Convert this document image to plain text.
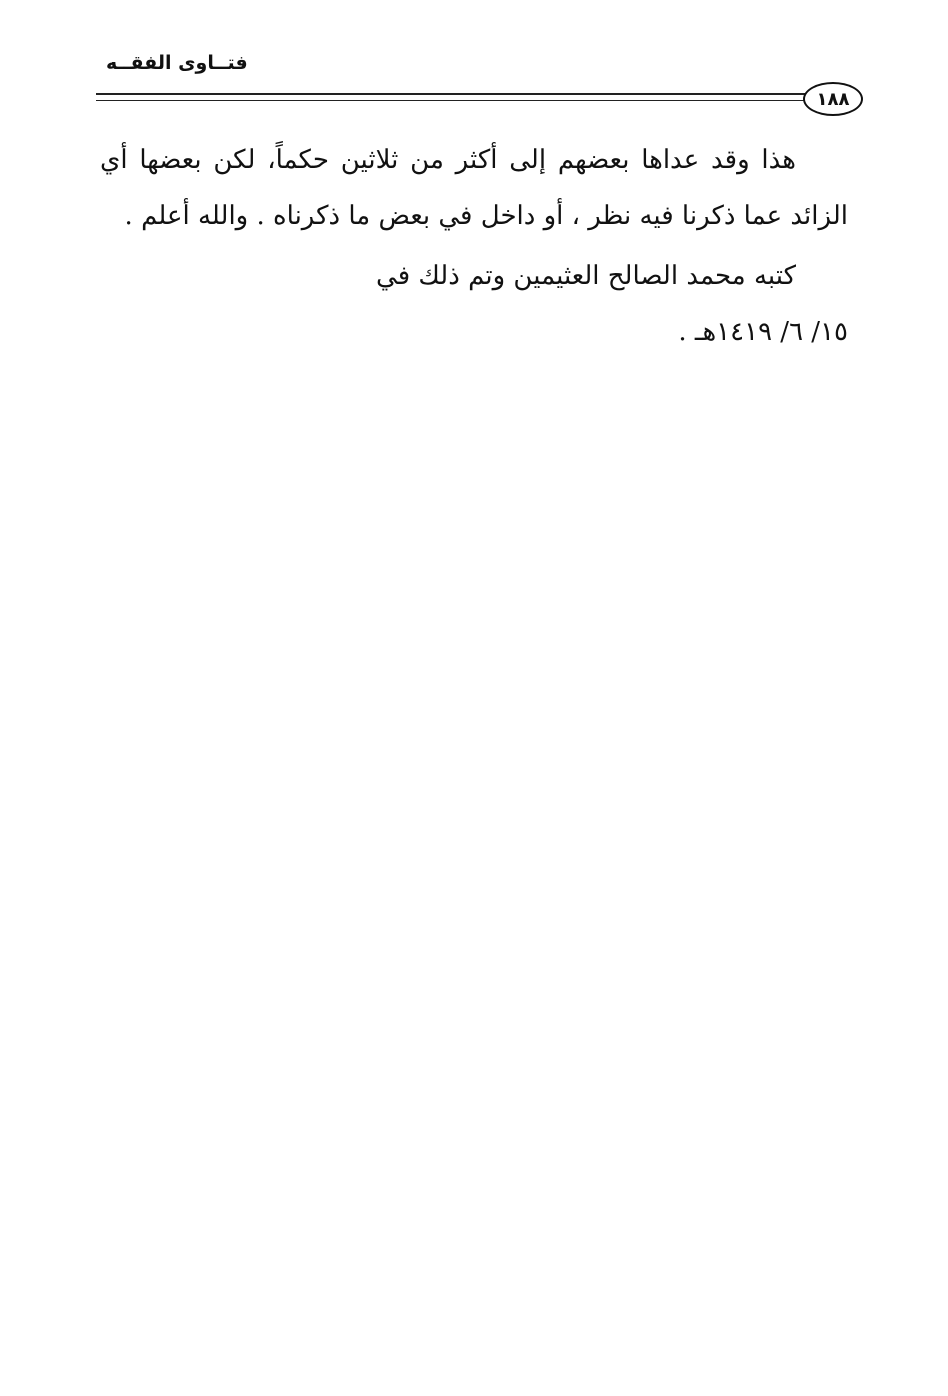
فتــاوى الفقــه
١٨٨

هذا وقد عداها بعضهم إلى أكثر من ثلاثين حكماً، لكن بعضها أي الزائد عما ذكرنا فيه نظر ، أو داخل في بعض ما ذكرناه . والله أعلم .

كتبه محمد الصالح العثيمين وتم ذلك في
١٥/ ٦/ ١٤١٩هـ .
